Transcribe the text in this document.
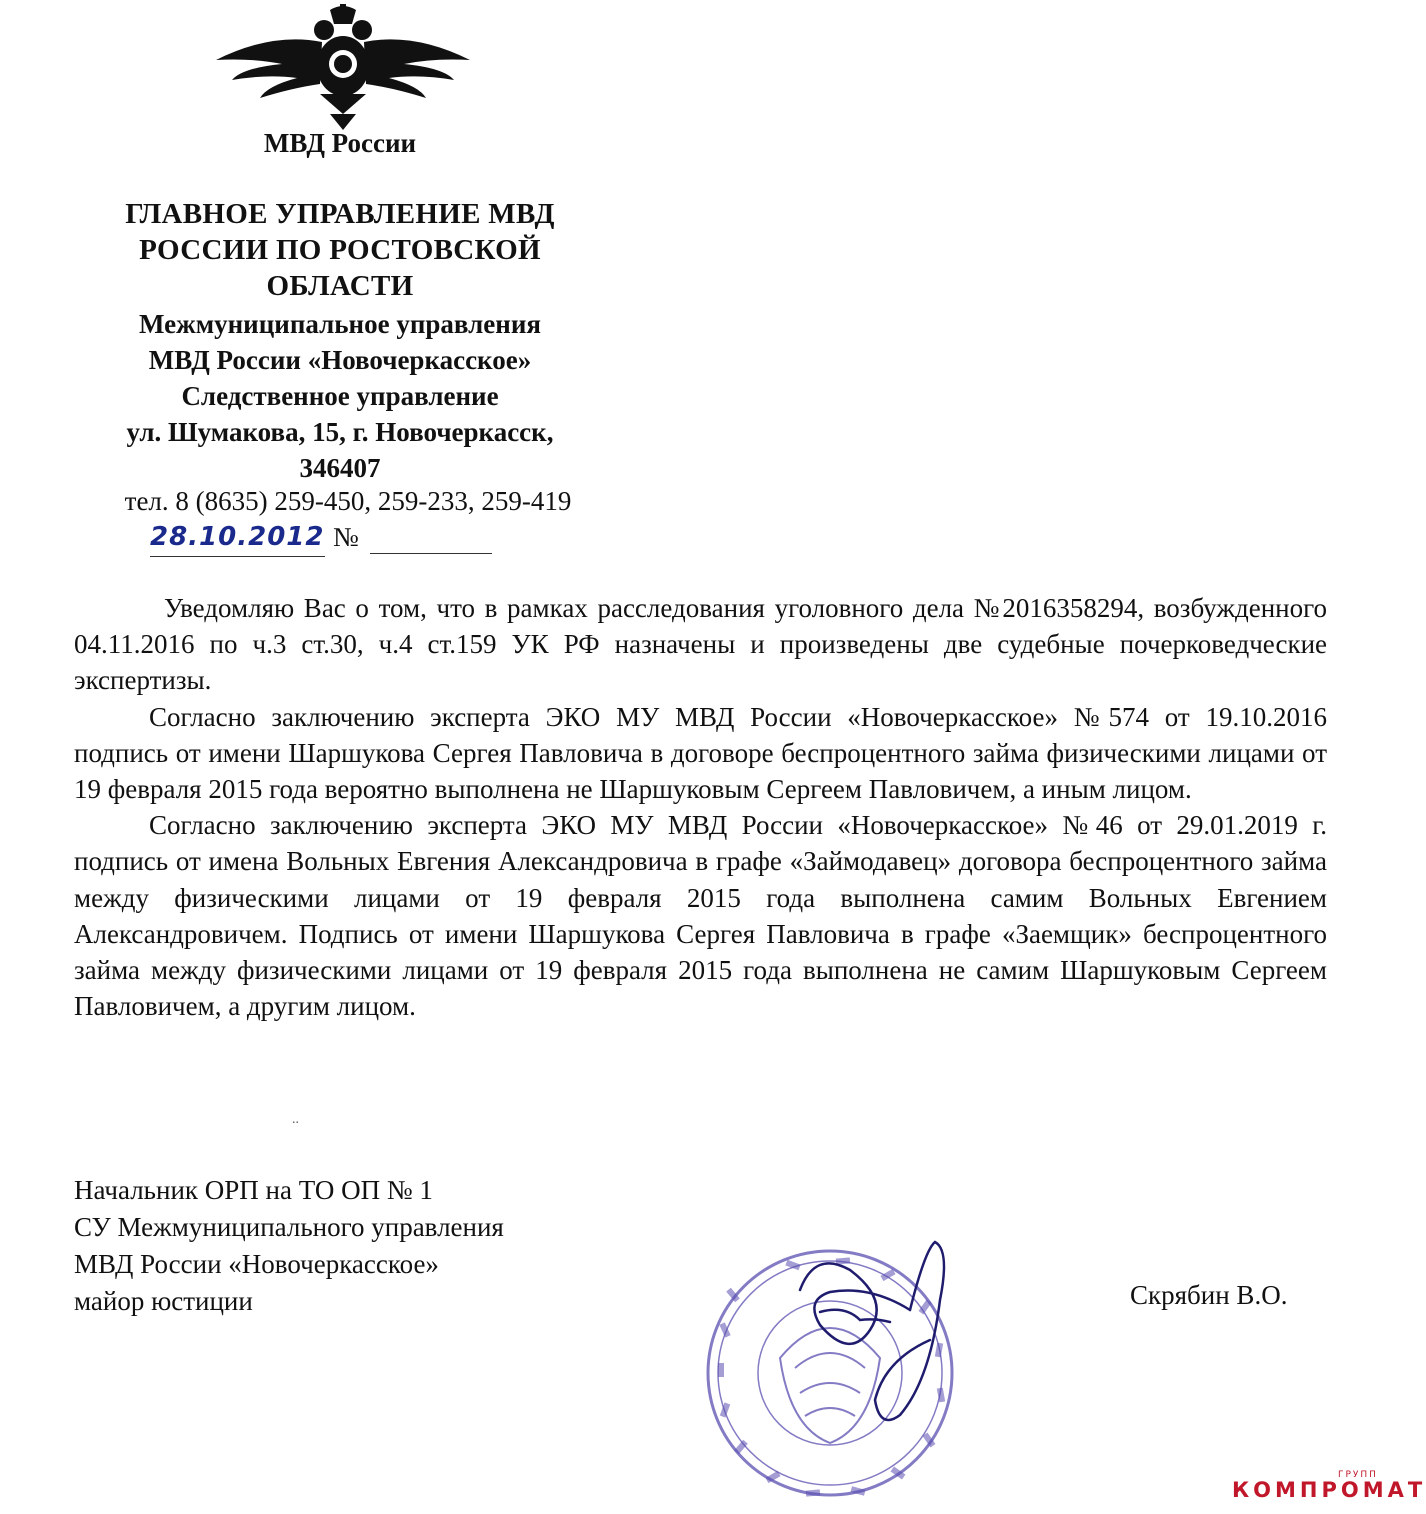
МВД России
ГЛАВНОЕ УПРАВЛЕНИЕ МВД
РОССИИ ПО РОСТОВСКОЙ
ОБЛАСТИ
Межмуниципальное управления
МВД России «Новочеркасское»
Следственное управление
ул. Шумакова, 15, г. Новочеркасск,
346407
тел. 8 (8635) 259-450, 259-233, 259-419
28.10.2012 №

Уведомляю Вас о том, что в рамках расследования уголовного дела №2016358294, возбужденного 04.11.2016 по ч.3 ст.30, ч.4 ст.159 УК РФ назначены и произведены две судебные почерковедческие экспертизы.

Согласно заключению эксперта ЭКО МУ МВД России «Новочеркасское» №574 от 19.10.2016 подпись от имени Шаршукова Сергея Павловича в договоре беспроцентного займа физическими лицами от 19 февраля 2015 года вероятно выполнена не Шаршуковым Сергеем Павловичем, а иным лицом.

Согласно заключению эксперта ЭКО МУ МВД России «Новочеркасское» №46 от 29.01.2019 г. подпись от имена Вольных Евгения Александровича в графе «Займодавец» договора беспроцентного займа между физическими лицами от 19 февраля 2015 года выполнена самим Вольных Евгением Александровичем. Подпись от имени Шаршукова Сергея Павловича в графе «Заемщик» беспроцентного займа между физическими лицами от 19 февраля 2015 года выполнена не самим Шаршуковым Сергеем Павловичем, а другим лицом.

..
Начальник ОРП на ТО ОП № 1
СУ Межмуниципального управления
МВД России «Новочеркасское»
майор юстиции	Скрябин В.О.
ГРУПП
КОМПРОМАТ
